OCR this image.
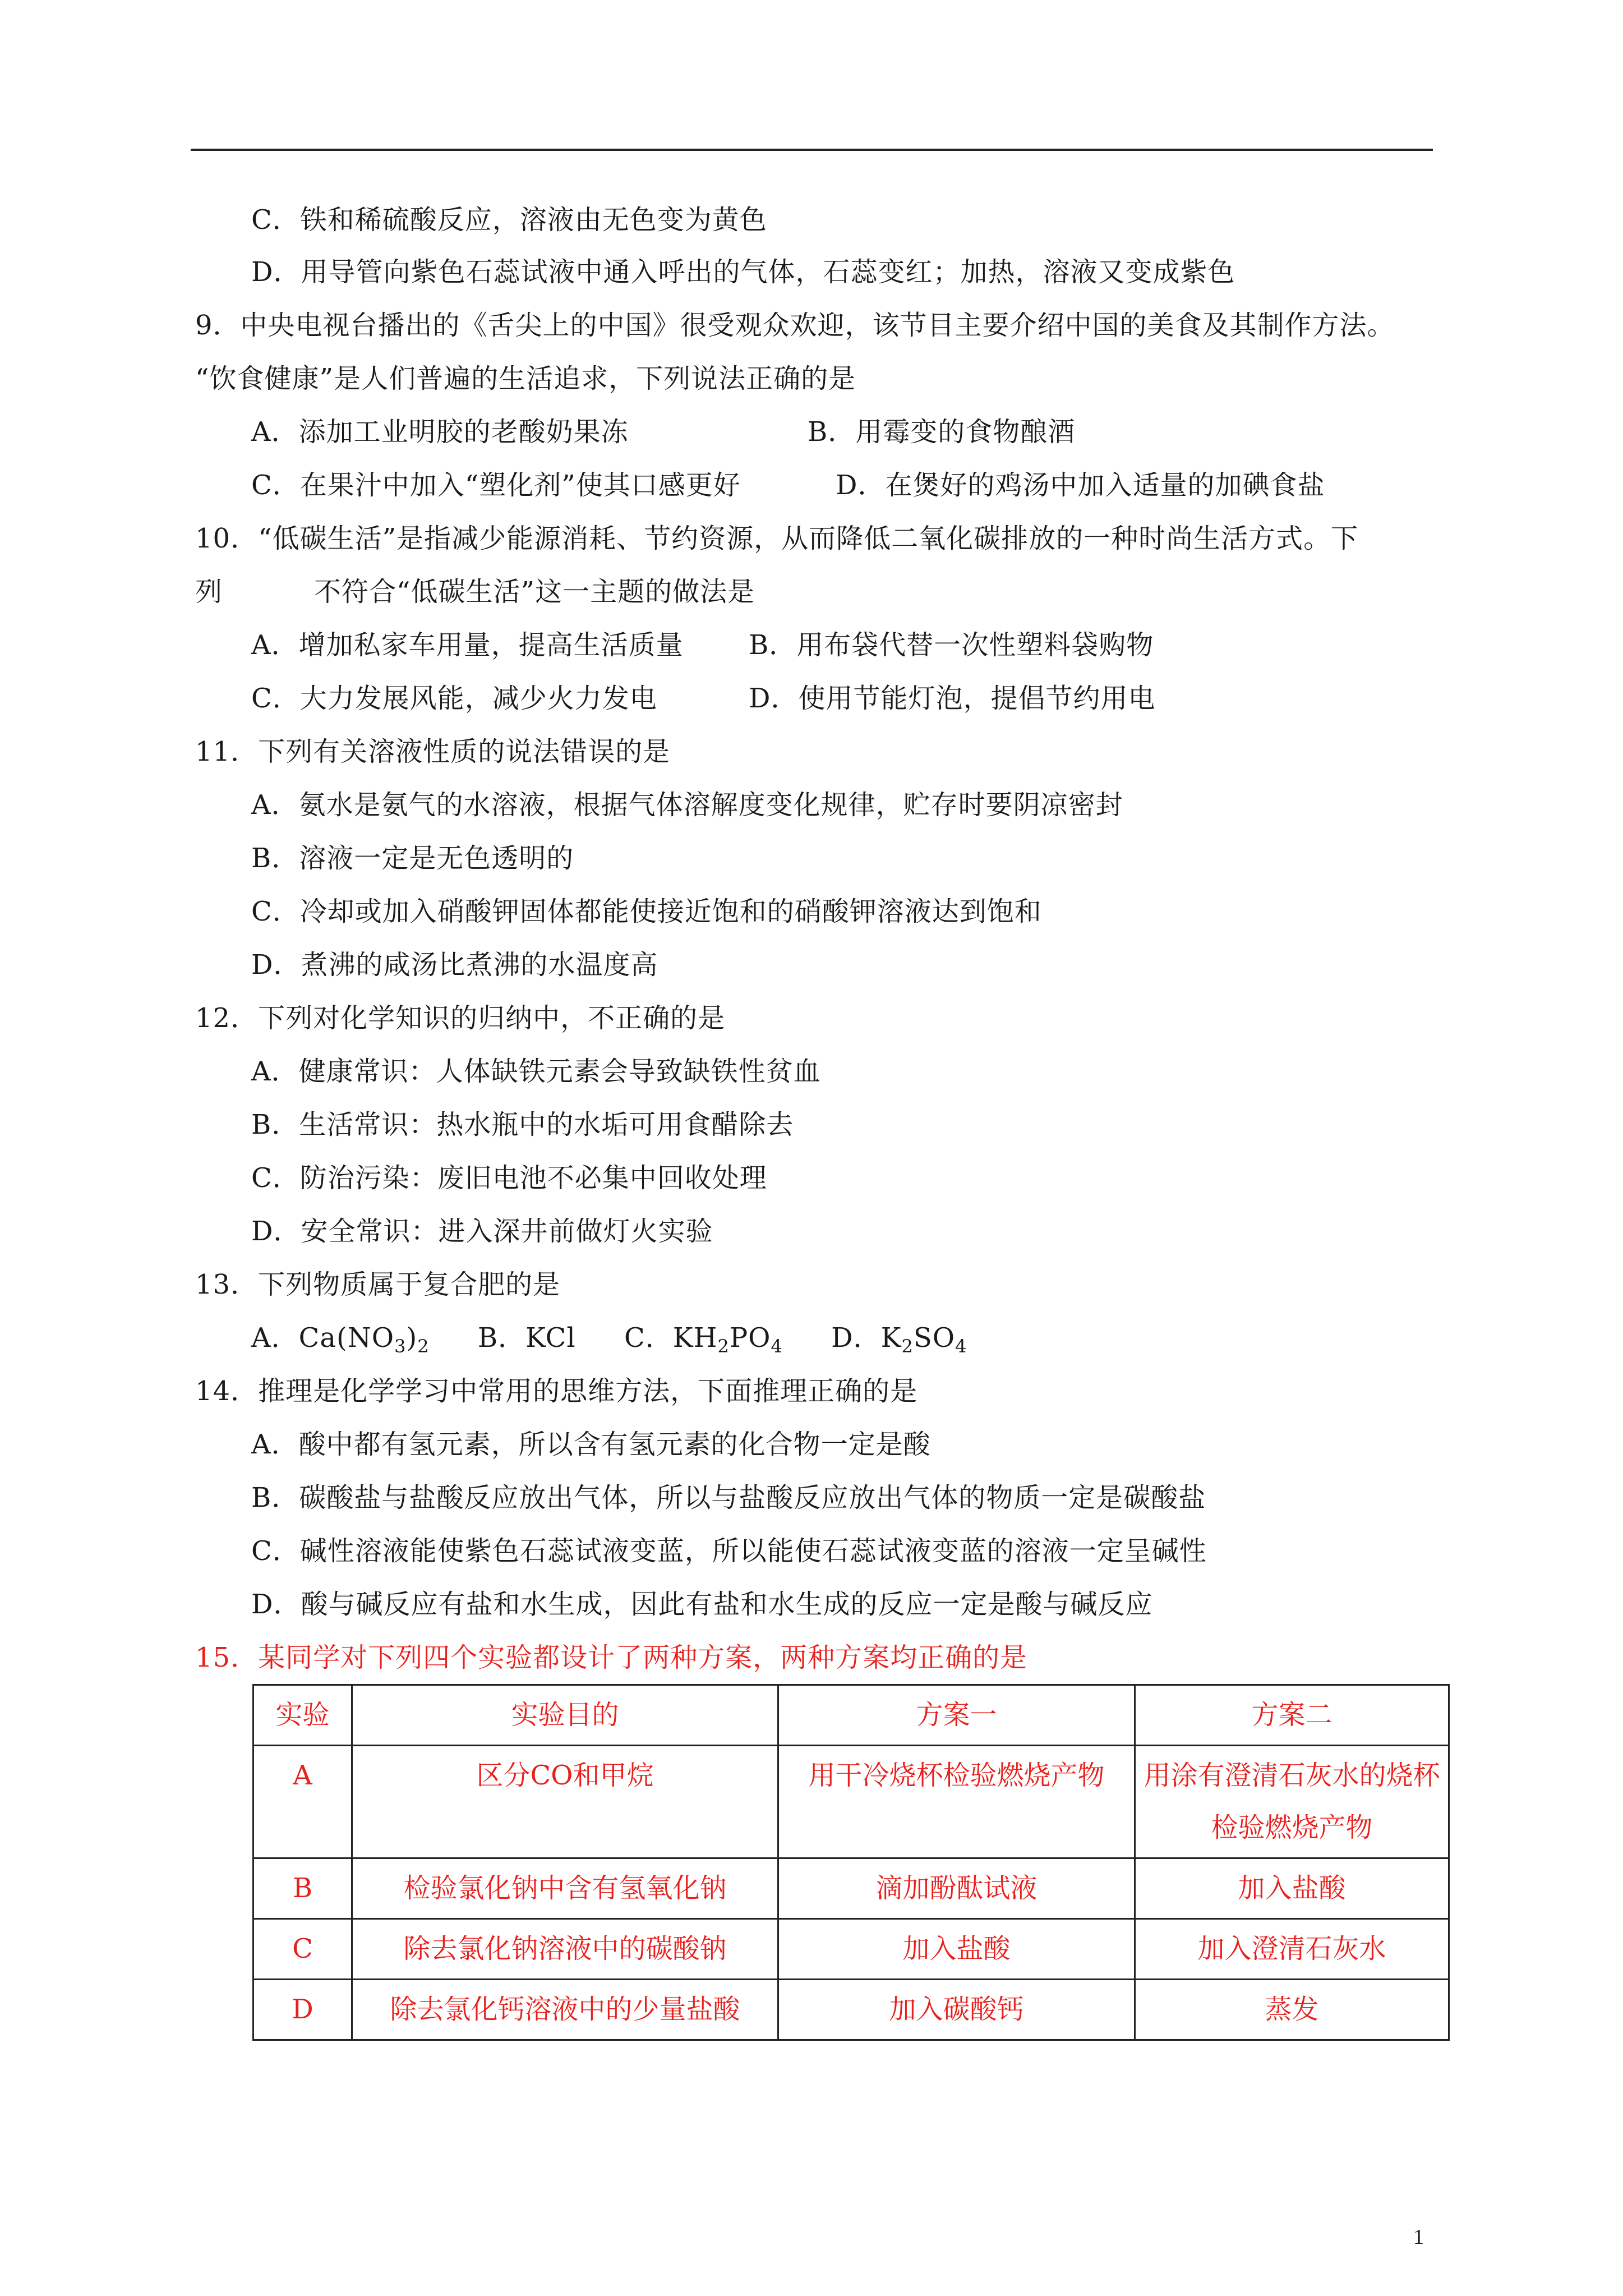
C．铁和稀硫酸反应，溶液由无色变为黄色
D．用导管向紫色石蕊试液中通入呼出的气体，石蕊变红；加热，溶液又变成紫色
9．中央电视台播出的《舌尖上的中国》很受观众欢迎，该节目主要介绍中国的美食及其制作方法。
“饮食健康”是人们普遍的生活追求，下列说法正确的是
A．添加工业明胶的老酸奶果冻	B．用霉变的食物酿酒
C．在果汁中加入“塑化剂”使其口感更好	D．在煲好的鸡汤中加入适量的加碘食盐
10．“低碳生活”是指减少能源消耗、节约资源，从而降低二氧化碳排放的一种时尚生活方式。下
列	不符合“低碳生活”这一主题的做法是
A．增加私家车用量，提高生活质量 B．用布袋代替一次性塑料袋购物
C．大力发展风能，减少火力发电	D．使用节能灯泡，提倡节约用电
11．下列有关溶液性质的说法错误的是
A．氨水是氨气的水溶液，根据气体溶解度变化规律，贮存时要阴凉密封
B．溶液一定是无色透明的
C．冷却或加入硝酸钾固体都能使接近饱和的硝酸钾溶液达到饱和
D．煮沸的咸汤比煮沸的水温度高
12．下列对化学知识的归纳中，不正确的是
A．健康常识：人体缺铁元素会导致缺铁性贫血
B．生活常识：热水瓶中的水垢可用食醋除去
C．防治污染：废旧电池不必集中回收处理
D．安全常识：进入深井前做灯火实验
13．下列物质属于复合肥的是
A．$Ca(NO_3)_2$ B．KCl C．$KH_2PO_4$ D．$K_2SO_4$
14．推理是化学学习中常用的思维方法，下面推理正确的是
A．酸中都有氢元素，所以含有氢元素的化合物一定是酸
B．碳酸盐与盐酸反应放出气体，所以与盐酸反应放出气体的物质一定是碳酸盐
C．碱性溶液能使紫色石蕊试液变蓝，所以能使石蕊试液变蓝的溶液一定呈碱性
D．酸与碱反应有盐和水生成，因此有盐和水生成的反应一定是酸与碱反应
15．某同学对下列四个实验都设计了两种方案，两种方案均正确的是
实验	实验目的	方案一	方案二
A	区分CO和甲烷	用干冷烧杯检验燃烧产物	用涂有澄清石灰水的烧杯检验燃烧产物
B	检验氯化钠中含有氢氧化钠	滴加酚酞试液	加入盐酸
C	除去氯化钠溶液中的碳酸钠	加入盐酸	加入澄清石灰水
D	除去氯化钙溶液中的少量盐酸	加入碳酸钙	蒸发
1
